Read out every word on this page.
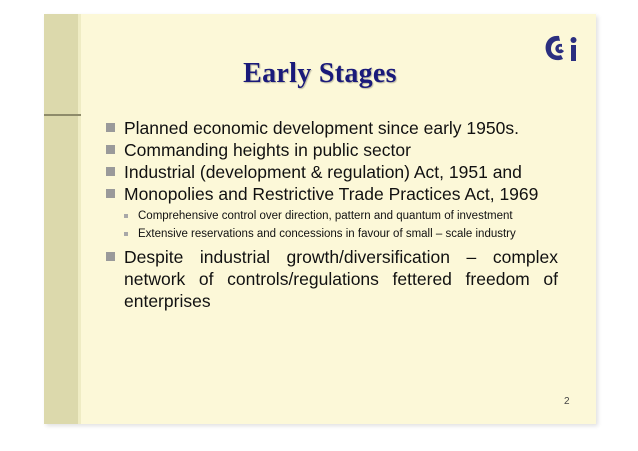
Early Stages
Planned economic development since early 1950s.
Commanding heights in public sector
Industrial (development & regulation) Act, 1951 and
Monopolies and Restrictive Trade Practices Act, 1969
Comprehensive control over direction, pattern and quantum of investment
Extensive reservations and concessions in favour of small – scale industry
Despite industrial growth/diversification – complex network of controls/regulations fettered freedom of enterprises
2
